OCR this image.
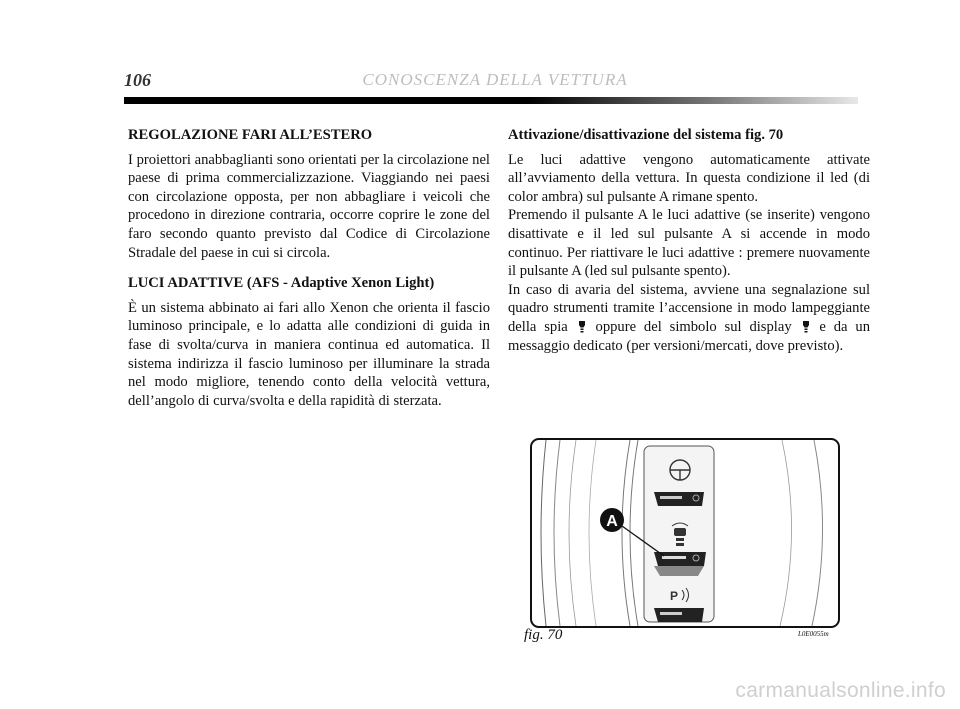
106	CONOSCENZA DELLA VETTURA
REGOLAZIONE FARI ALL’ESTERO

I proiettori anabbaglianti sono orientati per la circolazione nel paese di prima commercializzazione. Viaggiando nei paesi con circolazione opposta, per non abbagliare i veicoli che procedono in direzione contraria, occorre coprire le zone del faro secondo quanto previsto dal Codice di Circolazione Stradale del paese in cui si circola.

LUCI ADATTIVE (AFS - Adaptive Xenon Light)

È un sistema abbinato ai fari allo Xenon che orienta il fascio luminoso principale, e lo adatta alle condizioni di guida in fase di svolta/curva in maniera continua ed automatica. Il sistema indirizza il fascio luminoso per illuminare la strada nel modo migliore, tenendo conto della velocità vettura, dell’angolo di curva/svolta e della rapidità di sterzata.

Attivazione/disattivazione del sistema fig. 70

Le luci adattive vengono automaticamente attivate all’avviamento della vettura. In questa condizione il led (di color ambra) sul pulsante A rimane spento.

Premendo il pulsante A le luci adattive (se inserite) vengono disattivate e il led sul pulsante A si accende in modo continuo. Per riattivare le luci adattive : premere nuovamente il pulsante A (led sul pulsante spento).

In caso di avaria del sistema, avviene una segnalazione sul quadro strumenti tramite l’accensione in modo lampeggiante della spia oppure del simbolo sul display e da un messaggio dedicato (per versioni/mercati, dove previsto).

P
A
fig. 70	L0E0055m
carmanualsonline.info
